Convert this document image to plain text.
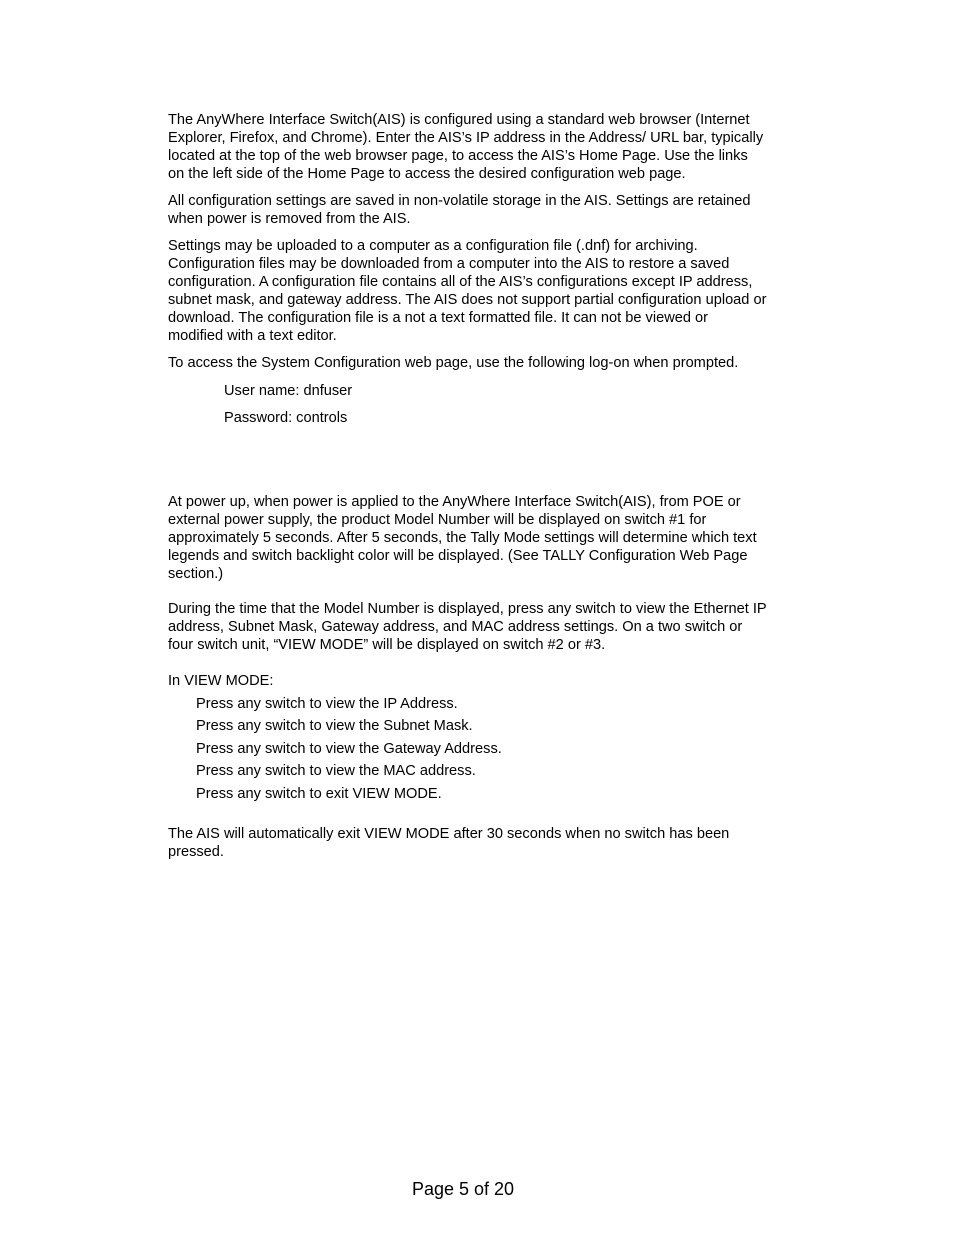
The AnyWhere Interface Switch(AIS) is configured using a standard web browser (Internet
Explorer, Firefox, and Chrome). Enter the AIS’s IP address in the Address/ URL bar, typically
located at the top of the web browser page, to access the AIS’s Home Page. Use the links
on the left side of the Home Page to access the desired configuration web page.
All configuration settings are saved in non-volatile storage in the AIS. Settings are retained
when power is removed from the AIS.
Settings may be uploaded to a computer as a configuration file (.dnf) for archiving.
Configuration files may be downloaded from a computer into the AIS to restore a saved
configuration. A configuration file contains all of the AIS’s configurations except IP address,
subnet mask, and gateway address. The AIS does not support partial configuration upload or
download. The configuration file is a not a text formatted file. It can not be viewed or
modified with a text editor.
To access the System Configuration web page, use the following log-on when prompted.
User name: dnfuser
Password: controls
At power up, when power is applied to the AnyWhere Interface Switch(AIS), from POE or
external power supply, the product Model Number will be displayed on switch #1 for
approximately 5 seconds. After 5 seconds, the Tally Mode settings will determine which text
legends and switch backlight color will be displayed. (See TALLY Configuration Web Page
section.)
During the time that the Model Number is displayed, press any switch to view the Ethernet IP
address, Subnet Mask, Gateway address, and MAC address settings. On a two switch or
four switch unit, “VIEW MODE” will be displayed on switch #2 or #3.
In VIEW MODE:
Press any switch to view the IP Address.
Press any switch to view the Subnet Mask.
Press any switch to view the Gateway Address.
Press any switch to view the MAC address.
Press any switch to exit VIEW MODE.
The AIS will automatically exit VIEW MODE after 30 seconds when no switch has been
pressed.
Page 5 of 20
